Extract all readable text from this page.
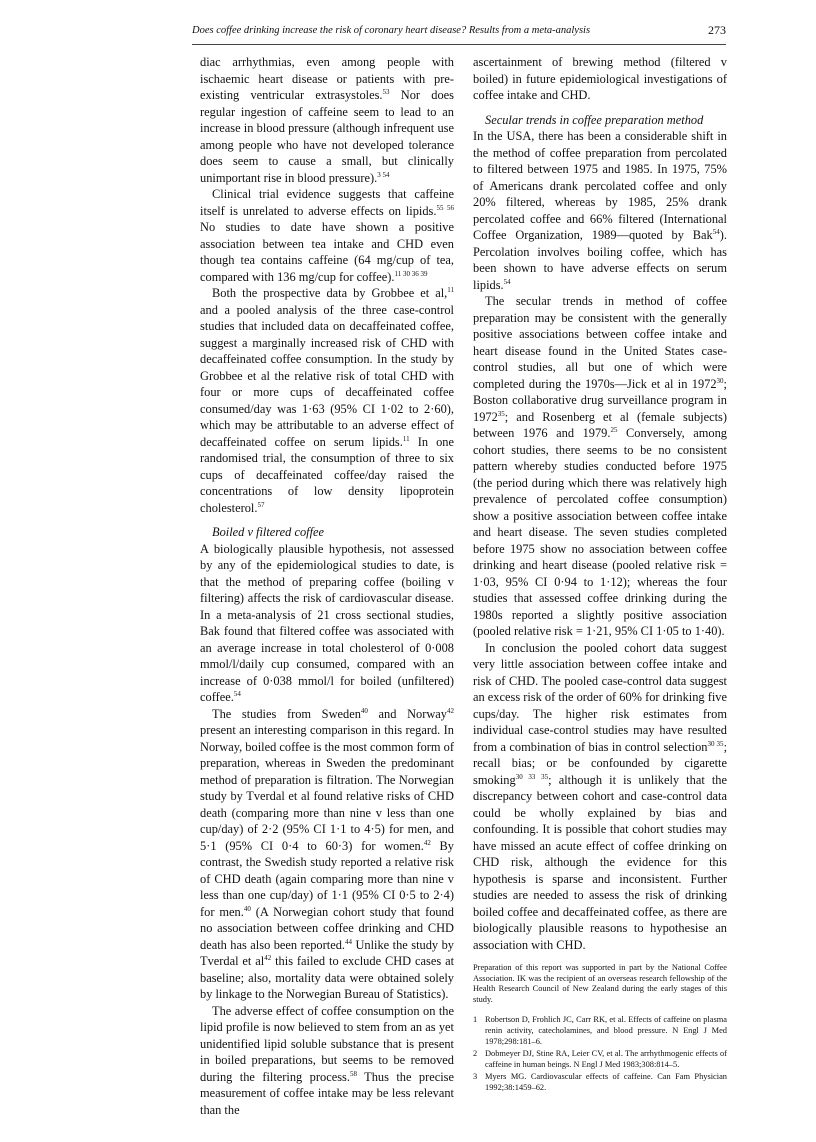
Does coffee drinking increase the risk of coronary heart disease? Results from a meta-analysis	273

diac arrhythmias, even among people with ischaemic heart disease or patients with pre-existing ventricular extrasystoles.$^{53}$ Nor does regular ingestion of caffeine seem to lead to an increase in blood pressure (although infrequent use among people who have not developed tolerance does seem to cause a small, but clinically unimportant rise in blood pressure).$^{3 54}$

Clinical trial evidence suggests that caffeine itself is unrelated to adverse effects on lipids.$^{55 56}$ No studies to date have shown a positive association between tea intake and CHD even though tea contains caffeine (64 mg/cup of tea, compared with 136 mg/cup for coffee).$^{11 30 36 39}$

Both the prospective data by Grobbee et al,$^{11}$ and a pooled analysis of the three case-control studies that included data on decaffeinated coffee, suggest a marginally increased risk of CHD with decaffeinated coffee consumption. In the study by Grobbee et al the relative risk of total CHD with four or more cups of decaffeinated coffee consumed/day was 1·63 (95% CI 1·02 to 2·60), which may be attributable to an adverse effect of decaffeinated coffee on serum lipids.$^{11}$ In one randomised trial, the consumption of three to six cups of decaffeinated coffee/day raised the concentrations of low density lipoprotein cholesterol.$^{57}$

Boiled v filtered coffee

A biologically plausible hypothesis, not assessed by any of the epidemiological studies to date, is that the method of preparing coffee (boiling v filtering) affects the risk of cardiovascular disease. In a meta-analysis of 21 cross sectional studies, Bak found that filtered coffee was associated with an average increase in total cholesterol of 0·008 mmol/l/daily cup consumed, compared with an increase of 0·038 mmol/l for boiled (unfiltered) coffee.$^{54}$

The studies from Sweden$^{40}$ and Norway$^{42}$ present an interesting comparison in this regard. In Norway, boiled coffee is the most common form of preparation, whereas in Sweden the predominant method of preparation is filtration. The Norwegian study by Tverdal et al found relative risks of CHD death (comparing more than nine v less than one cup/day) of 2·2 (95% CI 1·1 to 4·5) for men, and 5·1 (95% CI 0·4 to 60·3) for women.$^{42}$ By contrast, the Swedish study reported a relative risk of CHD death (again comparing more than nine v less than one cup/day) of 1·1 (95% CI 0·5 to 2·4) for men.$^{40}$ (A Norwegian cohort study that found no association between coffee drinking and CHD death has also been reported.$^{44}$ Unlike the study by Tverdal et $al^{42}$ this failed to exclude CHD cases at baseline; also, mortality data were obtained solely by linkage to the Norwegian Bureau of Statistics).

The adverse effect of coffee consumption on the lipid profile is now believed to stem from an as yet unidentified lipid soluble substance that is present in boiled preparations, but seems to be removed during the filtering process.$^{58}$ Thus the precise measurement of coffee intake may be less relevant than the

ascertainment of brewing method (filtered v boiled) in future epidemiological investigations of coffee intake and CHD.

Secular trends in coffee preparation method

In the USA, there has been a considerable shift in the method of coffee preparation from percolated to filtered between 1975 and 1985. In 1975, 75% of Americans drank percolated coffee and only 20% filtered, whereas by 1985, 25% drank percolated coffee and 66% filtered (International Coffee Organization, 1989—quoted by Bak$^{54}$). Percolation involves boiling coffee, which has been shown to have adverse effects on serum lipids.$^{54}$

The secular trends in method of coffee preparation may be consistent with the generally positive associations between coffee intake and heart disease found in the United States case-control studies, all but one of which were completed during the 1970s—Jick et al in 1972$^{30}$; Boston collaborative drug surveillance program in 1972$^{35}$; and Rosenberg et al (female subjects) between 1976 and 1979.25 Conversely, among cohort studies, there seems to be no consistent pattern whereby studies conducted before 1975 (the period during which there was relatively high prevalence of percolated coffee consumption) show a positive association between coffee intake and heart disease. The seven studies completed before 1975 show no association between coffee drinking and heart disease (pooled relative risk = 1·03, 95% CI 0·94 to 1·12); whereas the four studies that assessed coffee drinking during the 1980s reported a slightly positive association (pooled relative risk = 1·21, 95% CI 1·05 to 1·40).

In conclusion the pooled cohort data suggest very little association between coffee intake and risk of CHD. The pooled case-control data suggest an excess risk of the order of 60% for drinking five cups/day. The higher risk estimates from individual case-control studies may have resulted from a combination of bias in control selection$^{30 35}$; recall bias; or be confounded by cigarette smoking$^{30 33 35}$; although it is unlikely that the discrepancy between cohort and case-control data could be wholly explained by bias and confounding. It is possible that cohort studies may have missed an acute effect of coffee drinking on CHD risk, although the evidence for this hypothesis is sparse and inconsistent. Further studies are needed to assess the risk of drinking boiled coffee and decaffeinated coffee, as there are biologically plausible reasons to hypothesise an association with CHD.

Preparation of this report was supported in part by the National Coffee Association. IK was the recipient of an overseas research fellowship of the Health Research Council of New Zealand during the early stages of this study.
1 Robertson D, Frohlich JC, Carr RK, et al. Effects of caffeine on plasma renin activity, catecholamines, and blood pressure. N Engl J Med 1978;298:181–6.
2 Dobmeyer DJ, Stine RA, Leier CV, et al. The arrhythmogenic effects of caffeine in human beings. N Engl J Med 1983;308:814–5.
3 Myers MG. Cardiovascular effects of caffeine. Can Fam Physician 1992;38:1459–62.
